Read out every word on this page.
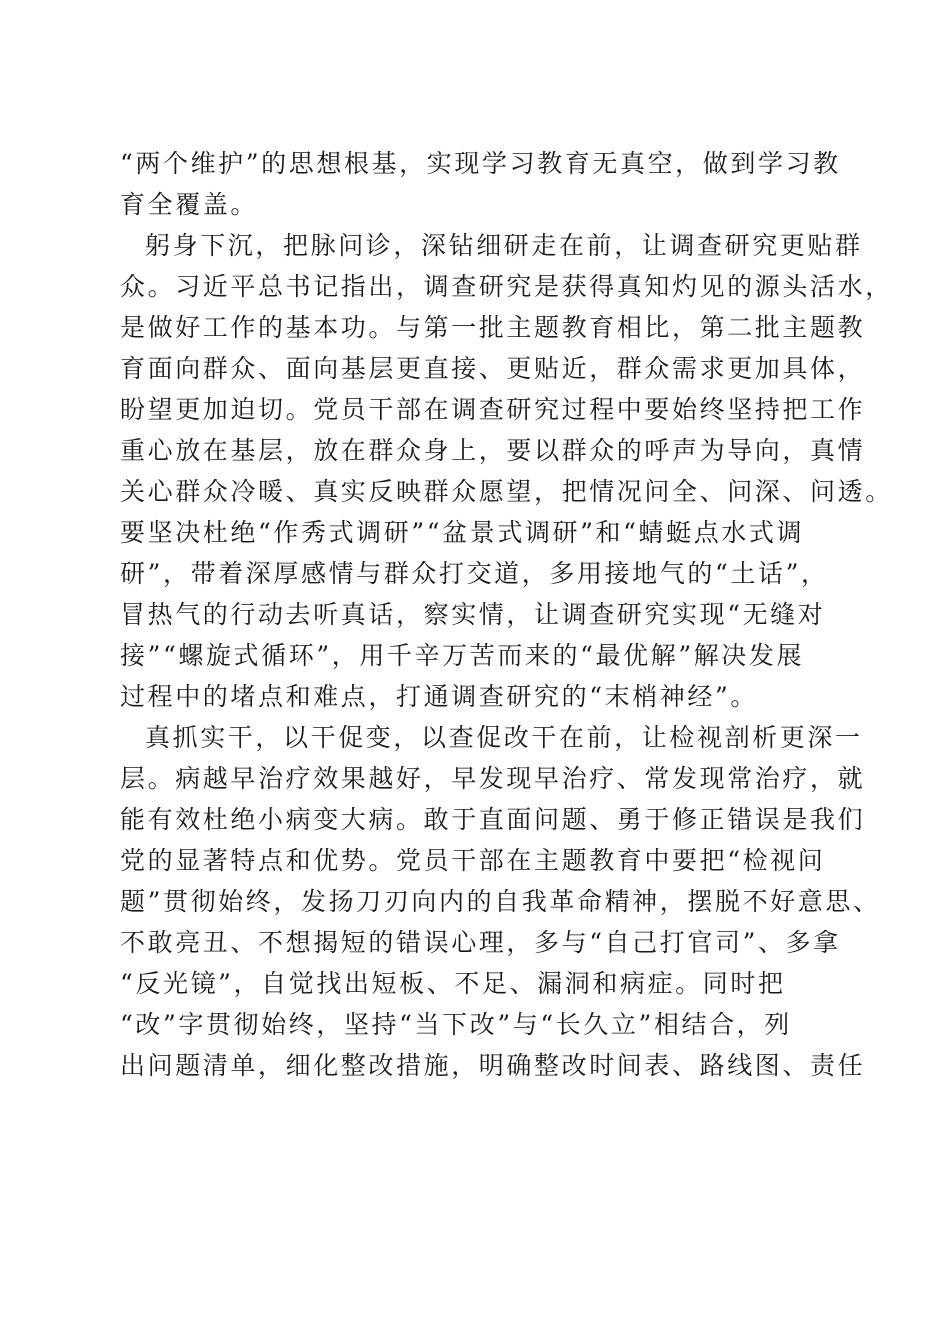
“两个维护”的思想根基，实现学习教育无真空，做到学习教
育全覆盖。
躬身下沉，把脉问诊，深钻细研走在前，让调查研究更贴群
众。习近平总书记指出，调查研究是获得真知灼见的源头活水，
是做好工作的基本功。与第一批主题教育相比，第二批主题教
育面向群众、面向基层更直接、更贴近，群众需求更加具体，
盼望更加迫切。党员干部在调查研究过程中要始终坚持把工作
重心放在基层，放在群众身上，要以群众的呼声为导向，真情
关心群众冷暖、真实反映群众愿望，把情况问全、问深、问透。
要坚决杜绝“作秀式调研”“盆景式调研”和“蜻蜓点水式调
研”，带着深厚感情与群众打交道，多用接地气的“土话”，
冒热气的行动去听真话，察实情，让调查研究实现“无缝对
接”“螺旋式循环”，用千辛万苦而来的“最优解”解决发展
过程中的堵点和难点，打通调查研究的“末梢神经”。
真抓实干，以干促变，以查促改干在前，让检视剖析更深一
层。病越早治疗效果越好，早发现早治疗、常发现常治疗，就
能有效杜绝小病变大病。敢于直面问题、勇于修正错误是我们
党的显著特点和优势。党员干部在主题教育中要把“检视问
题”贯彻始终，发扬刀刃向内的自我革命精神，摆脱不好意思、
不敢亮丑、不想揭短的错误心理，多与“自己打官司”、多拿
“反光镜”，自觉找出短板、不足、漏洞和病症。同时把
“改”字贯彻始终，坚持“当下改”与“长久立”相结合，列
出问题清单，细化整改措施，明确整改时间表、路线图、责任
